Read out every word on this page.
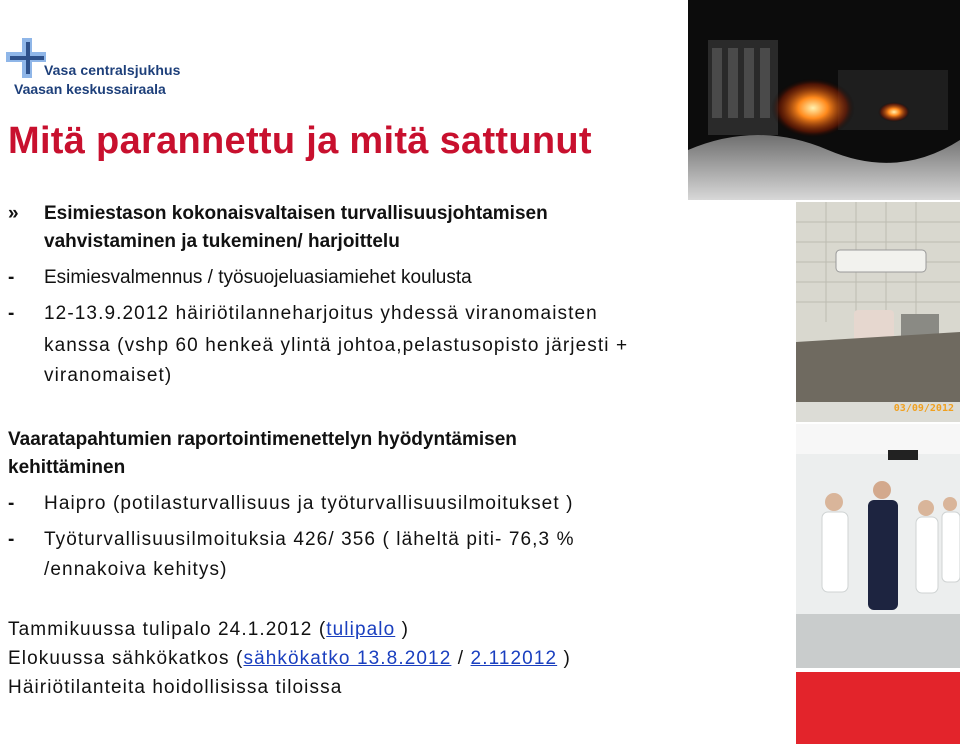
Vasa centralsjukhus
Vaasan keskussairaala
Mitä parannettu ja mitä sattunut
» Esimiestason kokonaisvaltaisen turvallisuusjohtamisen
vahvistaminen ja tukeminen/ harjoittelu
- Esimiesvalmennus / työsuojeluasiamiehet koulusta
- 12-13.9.2012 häiriötilanneharjoitus yhdessä viranomaisten
kanssa (vshp 60 henkeä ylintä johtoa,pelastusopisto järjesti +
viranomaiset)
Vaaratapahtumien raportointimenettelyn hyödyntämisen
kehittäminen
- Haipro (potilasturvallisuus ja työturvallisuusilmoitukset )
- Työturvallisuusilmoituksia 426/ 356 ( läheltä piti- 76,3 %
/ennakoiva kehitys)
Tammikuussa tulipalo 24.1.2012 (tulipalo )
Elokuussa sähkökatkos (sähkökatko 13.8.2012 / 2.112012 )
Häiriötilanteita hoidollisissa tiloissa
03/09/2012
